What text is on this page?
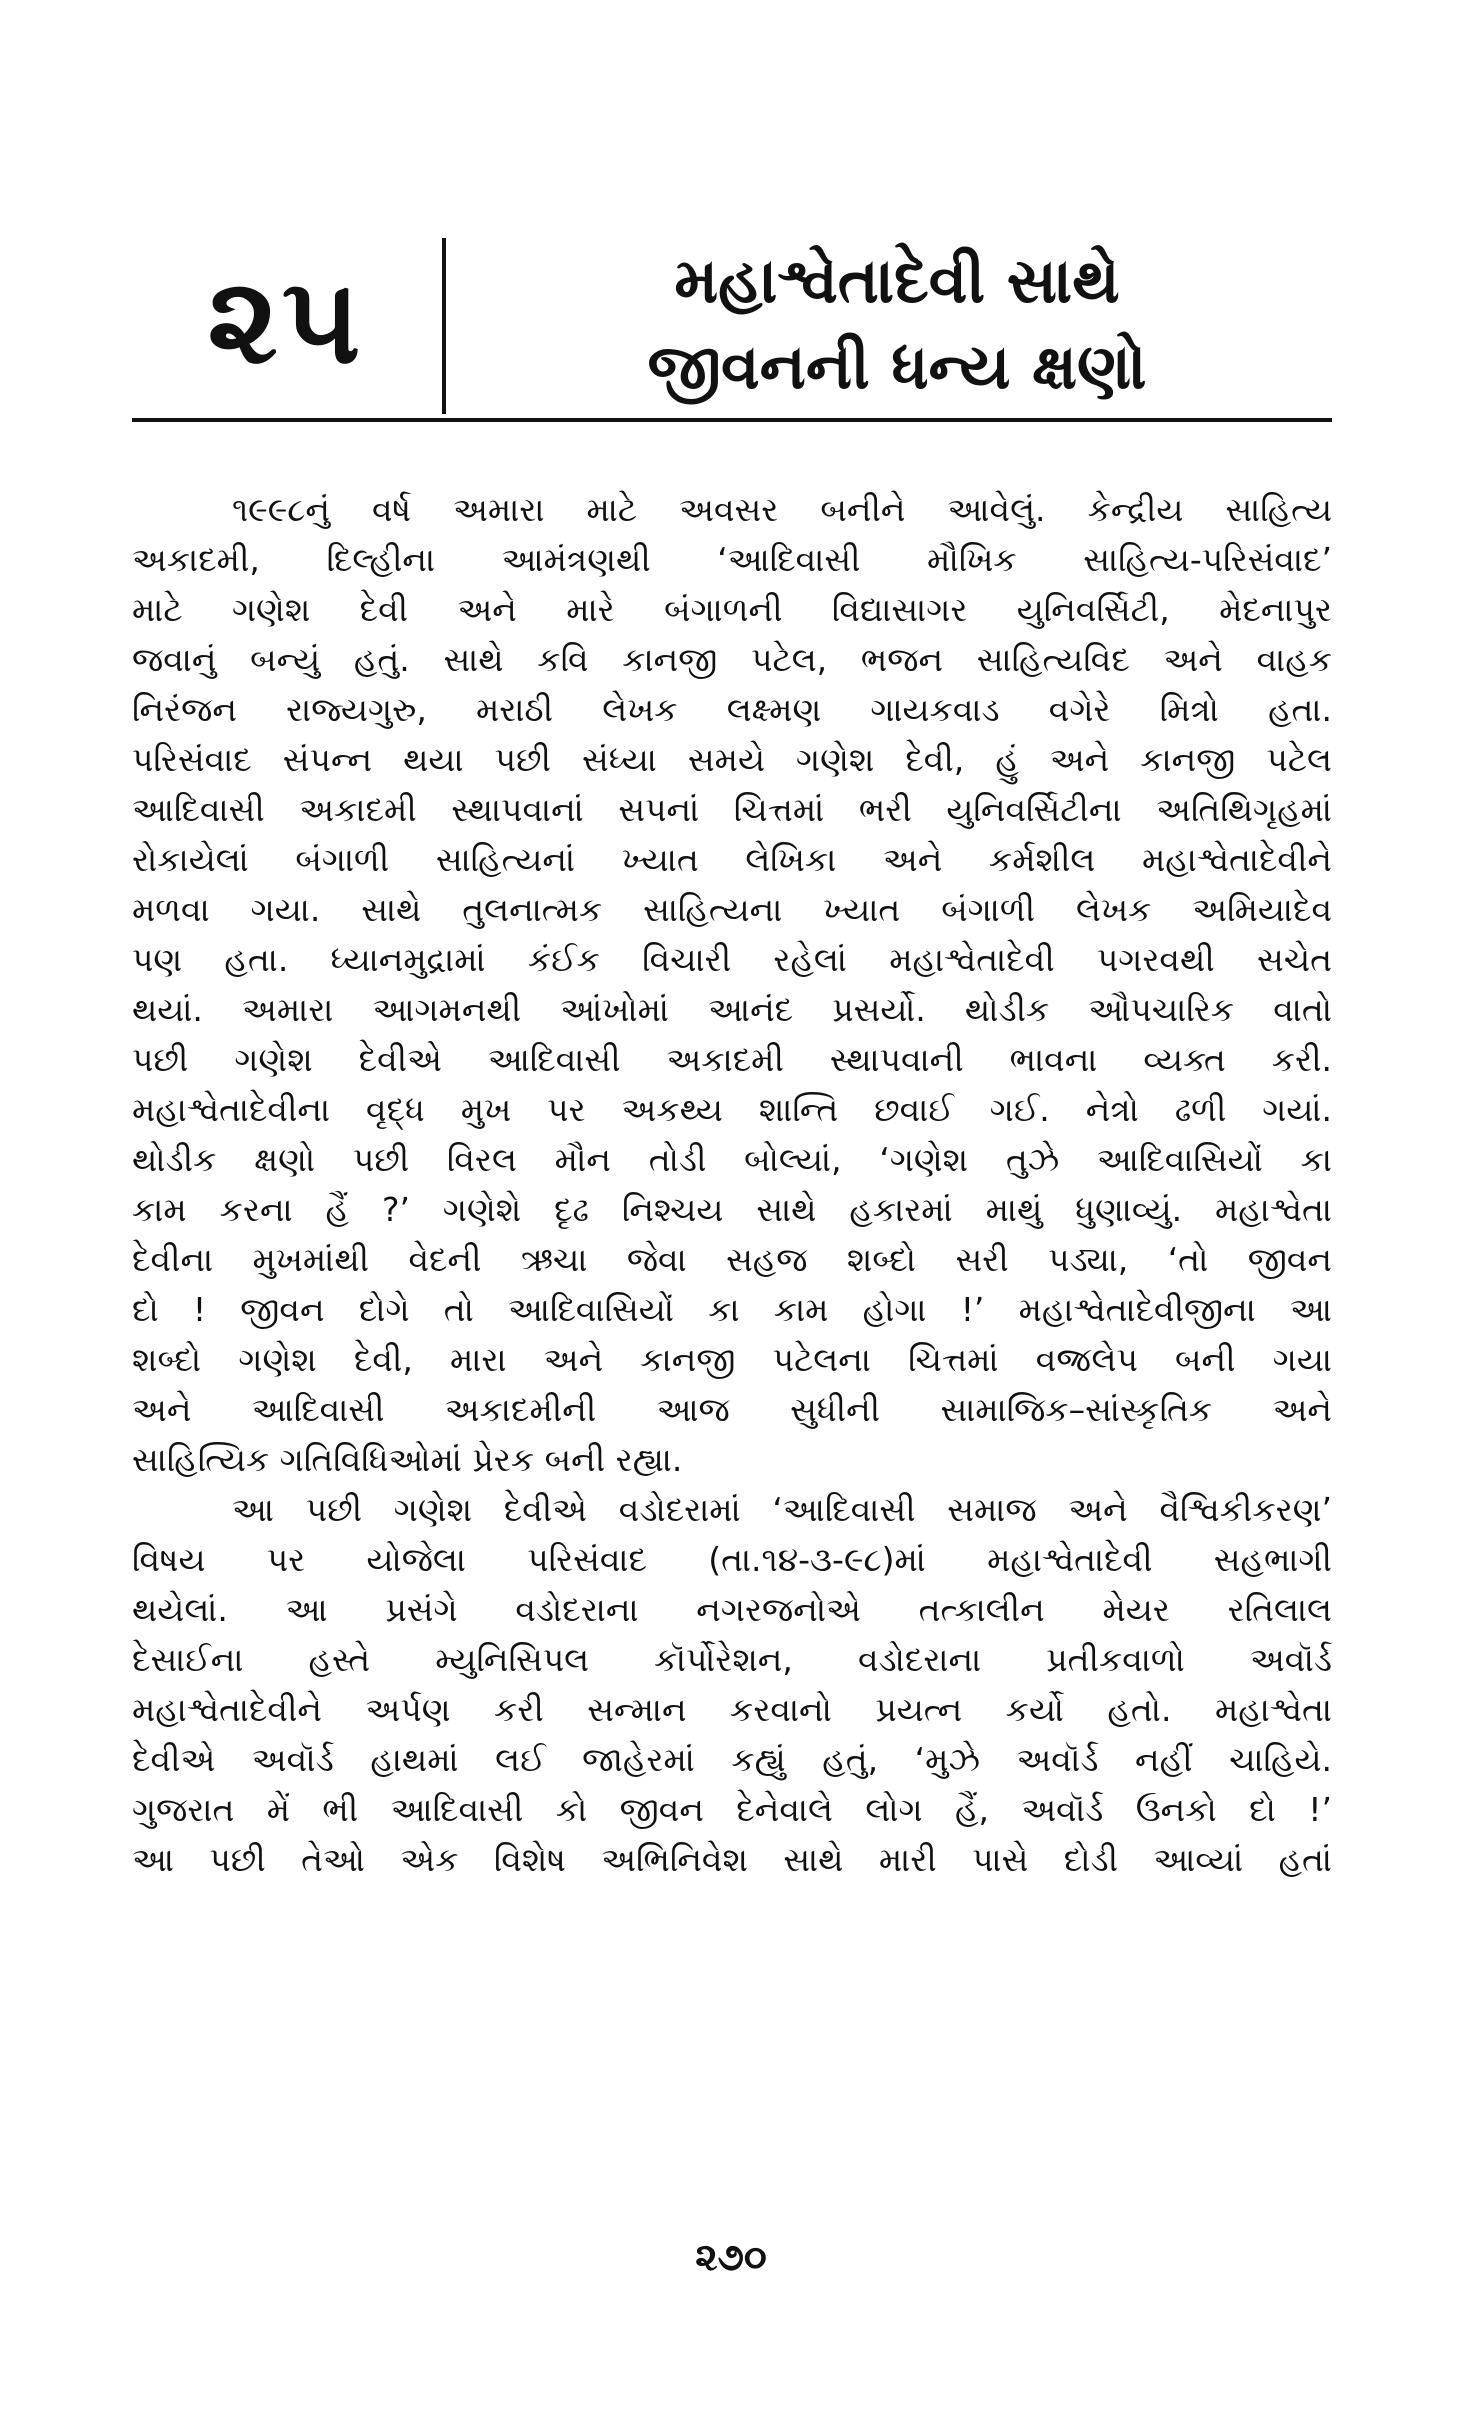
૨૫	મહાશ્વેતાદેવી સાથે
જીવનની ધન્ય ક્ષણો
૧૯૯૮નું વર્ષ અમારા માટે અવસર બનીને આવેલું. કેન્દ્રીય સાહિત્ય
અકાદમી, દિલ્હીના આમંત્રણથી ‘આદિવાસી મૌખિક સાહિત્ય-પરિસંવાદ’
માટે ગણેશ દેવી અને મારે બંગાળની વિદ્યાસાગર યુનિવર્સિટી, મેદનાપુર
જવાનું બન્યું હતું. સાથે કવિ કાનજી પટેલ, ભજન સાહિત્યવિદ અને વાહક
નિરંજન રાજ્યગુરુ, મરાઠી લેખક લક્ષ્મણ ગાયકવાડ વગેરે મિત્રો હતા.
પરિસંવાદ સંપન્ન થયા પછી સંધ્યા સમયે ગણેશ દેવી, હું અને કાનજી પટેલ
આદિવાસી અકાદમી સ્થાપવાનાં સપનાં ચિત્તમાં ભરી યુનિવર્સિટીના અતિથિગૃહમાં
રોકાયેલાં બંગાળી સાહિત્યનાં ખ્યાત લેખિકા અને કર્મશીલ મહાશ્વેતાદેવીને
મળવા ગયા. સાથે તુલનાત્મક સાહિત્યના ખ્યાત બંગાળી લેખક અમિયાદેવ
પણ હતા. ધ્યાનમુદ્રામાં કંઈક વિચારી રહેલાં મહાશ્વેતાદેવી પગરવથી સચેત
થયાં. અમારા આગમનથી આંખોમાં આનંદ પ્રસર્યો. થોડીક ઔપચારિક વાતો
પછી ગણેશ દેવીએ આદિવાસી અકાદમી સ્થાપવાની ભાવના વ્યક્ત કરી.
મહાશ્વેતાદેવીના વૃદ્ધ મુખ પર અકથ્ય શાન્તિ છવાઈ ગઈ. નેત્રો ઢળી ગયાં.
થોડીક ક્ષણો પછી વિરલ મૌન તોડી બોલ્યાં, ‘ગણેશ તુઝે આદિવાસિયોં કા
કામ કરના હૈં ?’ ગણેશે દૃઢ નિશ્ચય સાથે હકારમાં માથું ધુણાવ્યું. મહાશ્વેતા
દેવીના મુખમાંથી વેદની ઋચા જેવા સહજ શબ્દો સરી પડ્યા, ‘તો જીવન
દો ! જીવન દોગે તો આદિવાસિયોં કા કામ હોગા !’ મહાશ્વેતાદેવીજીના આ
શબ્દો ગણેશ દેવી, મારા અને કાનજી પટેલના ચિત્તમાં વજ્રલેપ બની ગયા
અને આદિવાસી અકાદમીની આજ સુધીની સામાજિક–સાંસ્કૃતિક અને
સાહિત્યિક ગતિવિધિઓમાં પ્રેરક બની રહ્યા.
આ પછી ગણેશ દેવીએ વડોદરામાં ‘આદિવાસી સમાજ અને વૈશ્વિકીકરણ’
વિષય પર યોજેલા પરિસંવાદ (તા.૧૪-૩-૯૮)માં મહાશ્વેતાદેવી સહભાગી
થયેલાં. આ પ્રસંગે વડોદરાના નગરજનોએ તત્કાલીન મેયર રતિલાલ
દેસાઈના હસ્તે મ્યુનિસિપલ કૉર્પોરેશન, વડોદરાના પ્રતીકવાળો અવૉર્ડ
મહાશ્વેતાદેવીને અર્પણ કરી સન્માન કરવાનો પ્રયત્ન કર્યો હતો. મહાશ્વેતા
દેવીએ અવૉર્ડ હાથમાં લઈ જાહેરમાં કહ્યું હતું, ‘મુઝે અવૉર્ડ નહીં ચાહિયે.
ગુજરાત મેં ભી આદિવાસી કો જીવન દેનેવાલે લોગ હૈં, અવૉર્ડ ઉનકો દો !’
આ પછી તેઓ એક વિશેષ અભિનિવેશ સાથે મારી પાસે દોડી આવ્યાં હતાં
૨૭૦
